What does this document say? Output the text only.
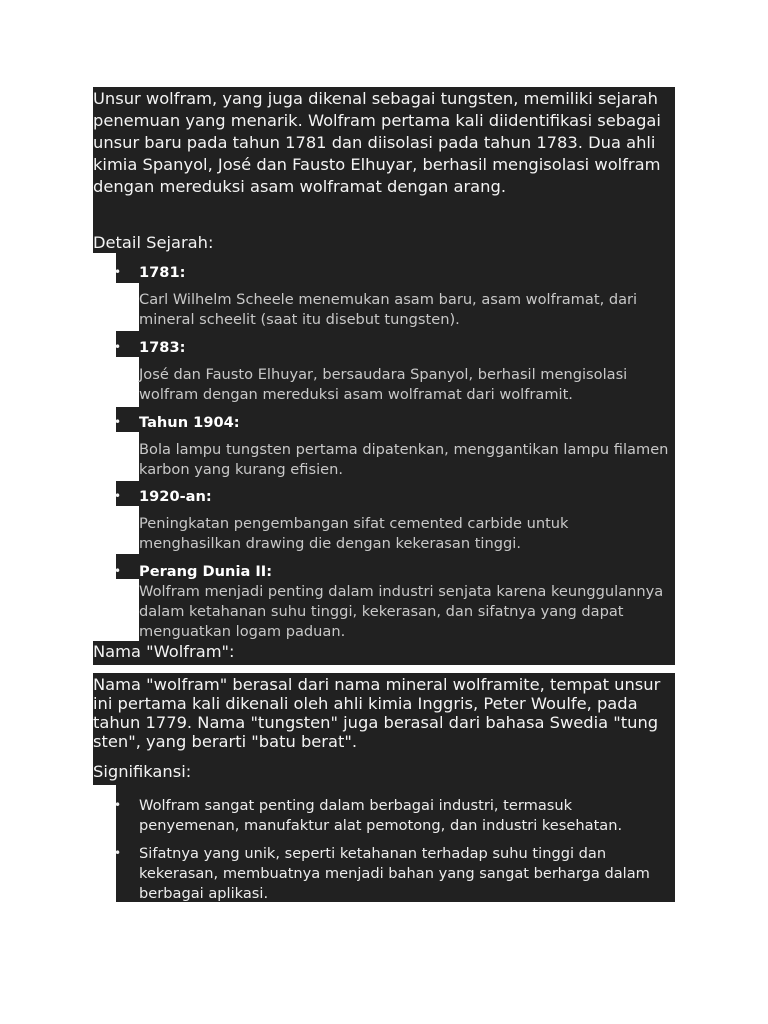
Unsur wolfram, yang juga dikenal sebagai tungsten, memiliki sejarah penemuan yang menarik. Wolfram pertama kali diidentifikasi sebagai unsur baru pada tahun 1781 dan diisolasi pada tahun 1783. Dua ahli kimia Spanyol, José dan Fausto Elhuyar, berhasil mengisolasi wolfram dengan mereduksi asam wolframat dengan arang.

Detail Sejarah:
• 1781:
Carl Wilhelm Scheele menemukan asam baru, asam wolframat, dari mineral scheelit (saat itu disebut tungsten).
• 1783:
José dan Fausto Elhuyar, bersaudara Spanyol, berhasil mengisolasi wolfram dengan mereduksi asam wolframat dari wolframit.
• Tahun 1904:
Bola lampu tungsten pertama dipatenkan, menggantikan lampu filamen karbon yang kurang efisien.
• 1920-an:
Peningkatan pengembangan sifat cemented carbide untuk menghasilkan drawing die dengan kekerasan tinggi.
• Perang Dunia II:
Wolfram menjadi penting dalam industri senjata karena keunggulannya dalam ketahanan suhu tinggi, kekerasan, dan sifatnya yang dapat menguatkan logam paduan.
Nama "Wolfram":

Nama "wolfram" berasal dari nama mineral wolframite, tempat unsur ini pertama kali dikenali oleh ahli kimia Inggris, Peter Woulfe, pada tahun 1779. Nama "tungsten" juga berasal dari bahasa Swedia "tung sten", yang berarti "batu berat".

Signifikansi:
• Wolfram sangat penting dalam berbagai industri, termasuk penyemenan, manufaktur alat pemotong, dan industri kesehatan.
• Sifatnya yang unik, seperti ketahanan terhadap suhu tinggi dan kekerasan, membuatnya menjadi bahan yang sangat berharga dalam berbagai aplikasi.
